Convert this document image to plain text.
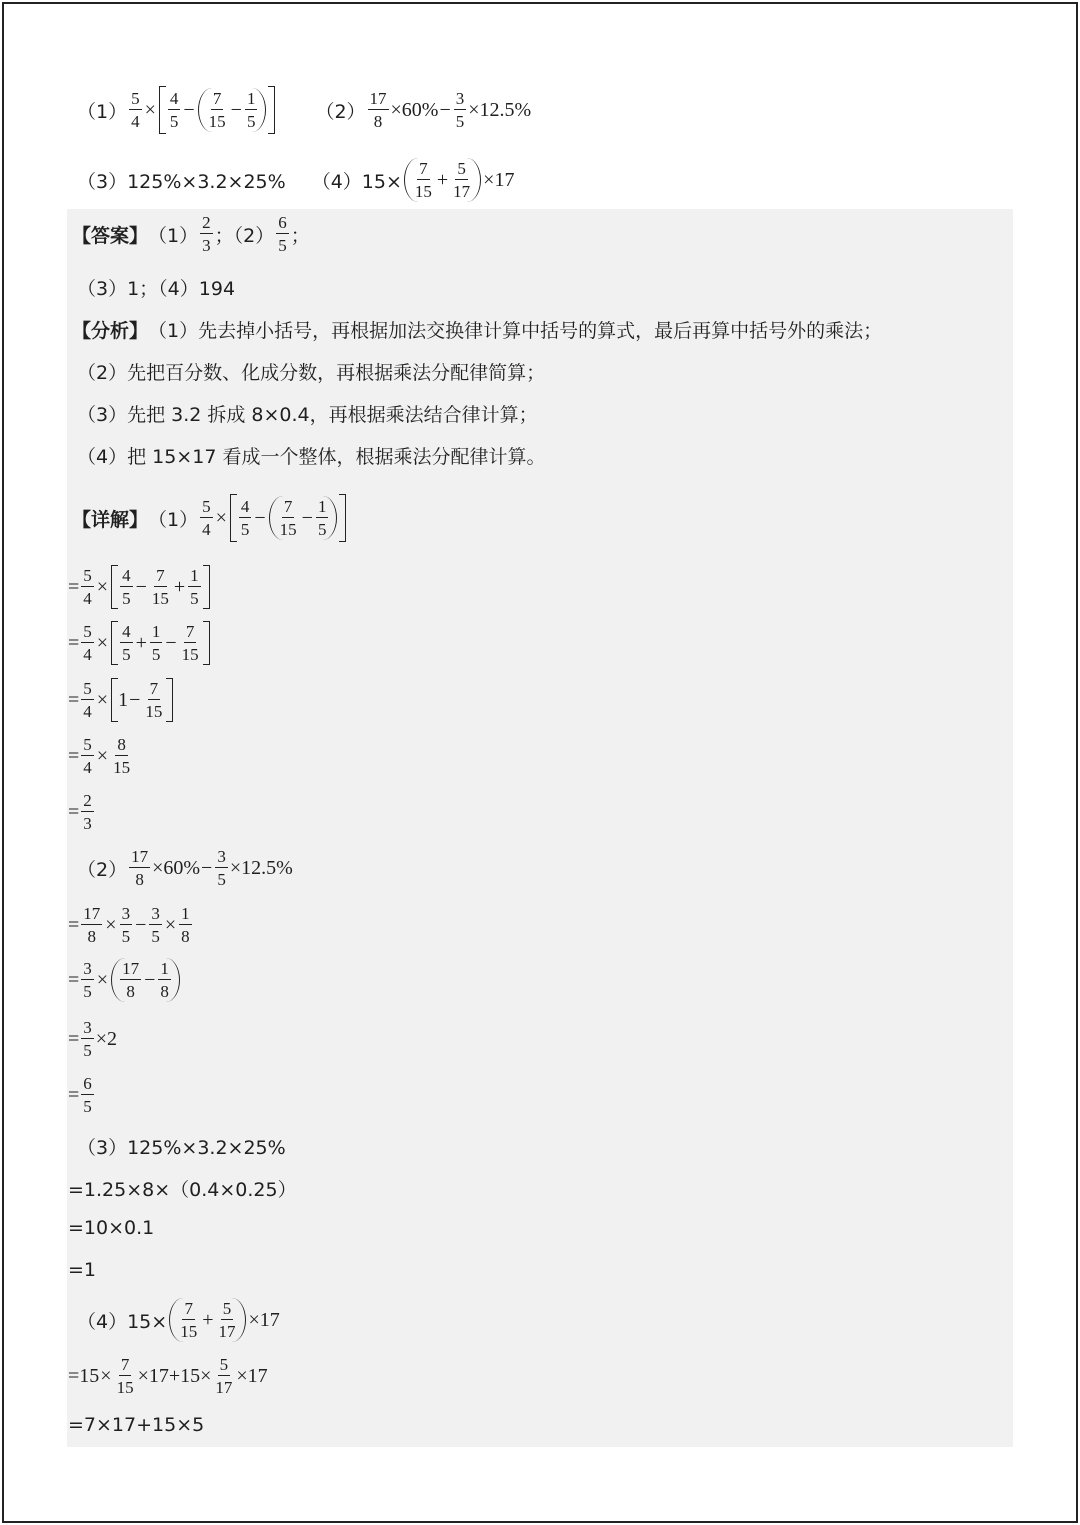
$(1) \frac{5}{4} \times 4$
5
− 7
15
− $\frac{1}{5}$	$(2) \frac{17}{8} \times 60\% - \frac{3}{5} \times 12.5\%$
（3）125%×3.2×25% （4）15×
7
15
+ $\frac{5}{17} \times 17$
【答案】 （1）
2
3 ；（2）
6
5 ；
（3）1；（4）194
【分析】 （1）先去掉小括号，再根据加法交换律计算中括号的算式，最后再算中括号外的乘法；
（2）先把百分数、化成分数，再根据乘法分配律简算；
（3）先把 3.2 拆成 8×0.4，再根据乘法结合律计算；
（4）把 15×17 看成一个整体，根据乘法分配律计算。
【详解】 $(1) \frac{5}{4} \times 4$
5
− 7
15
− $\frac{1}{5}$
= $\frac{5}{4} \times 4$
5
− $\frac{7}{15} + \frac{1}{5}$
= $\frac{5}{4} \times 4$
5
+ $\frac{1}{5} - \frac{7}{15}$
= $\frac{5}{4} \times 1 - \frac{7}{15}$
= $\frac{5}{4} \times \frac{8}{15}$
= $\frac{2}{3}$
$(2) \frac{17}{8} \times 60\% - \frac{3}{5} \times 12.5\%$
= $\frac{17}{8} \times \frac{3}{5} - \frac{3}{5} \times \frac{1}{8}$
= $\frac{3}{5} \times 17$
8
− $\frac{1}{8}$
= $\frac{3}{5} \times 2$
= $\frac{6}{5}$
（3）125%×3.2×25%
=1.25×8×（0.4×0.25）
=10×0.1
=1
（4）15×
7
15
+ $\frac{5}{17} \times 17$
= $15 \times \frac{7}{15} \times 17+15\times \frac{5}{17} \times 17$
=7×17+15×5
